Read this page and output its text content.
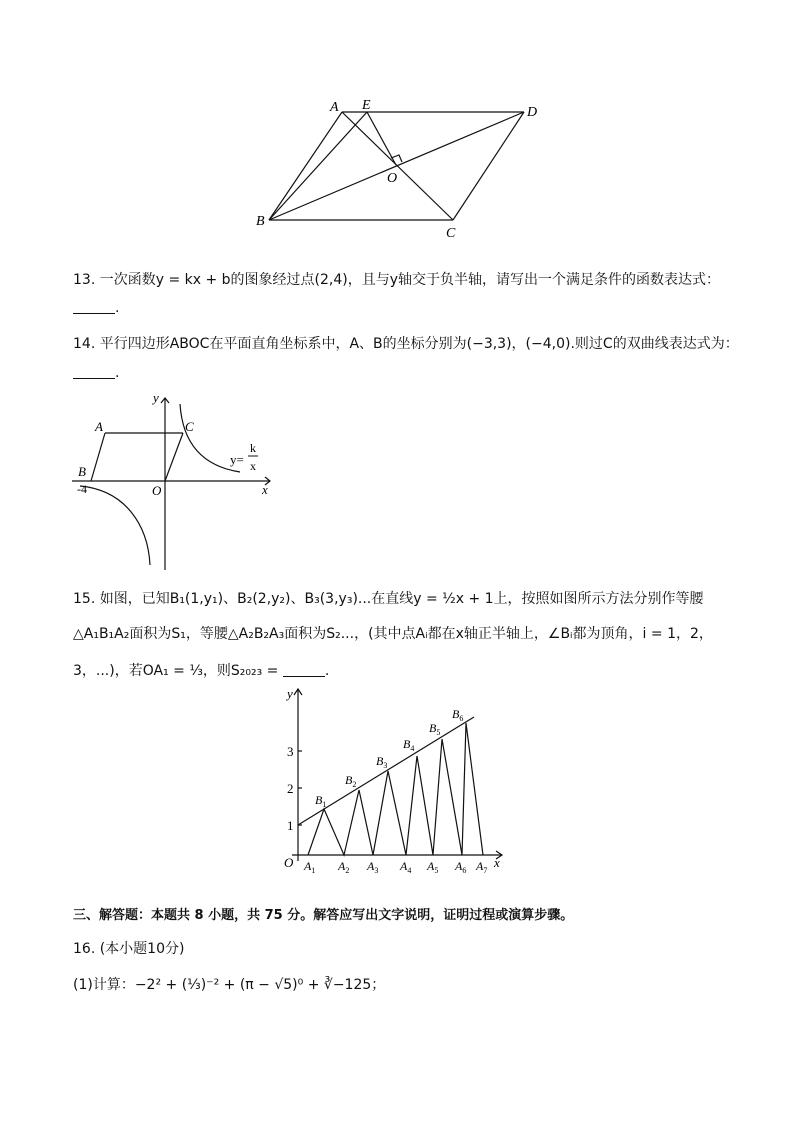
A E	D
O
B
C
13. 一次函数y = kx + b的图象经过点(2,4)，且与y轴交于负半轴，请写出一个满足条件的函数表达式：
.
14. 平行四边形ABOC在平面直角坐标系中，A、B的坐标分别为(−3,3)，(−4,0).则过C的双曲线表达式为：
.
y
x
A	C
B
-4	O
y=
k
x
15. 如图，已知B₁(1,y₁)、B₂(2,y₂)、B₃(3,y₃)...在直线y = ½x + 1上，按照如图所示方法分别作等腰
△A₁B₁A₂面积为S₁，等腰△A₂B₂A₃面积为S₂...，(其中点Aᵢ都在x轴正半轴上，∠Bᵢ都为顶角，i = 1，2，
3，...)，若OA₁ = ⅓，则S₂₀₂₃ =	.
y
x
O
1
2
3
$A_1$ $A_2$ $A_3$ $A_4$ $A_5$ $A_6$ $A_7$
$B_1$
$B_2$
$B_3$
$B_4$
$B_5$
$B_6$
三、解答题：本题共 8 小题，共 75 分。解答应写出文字说明，证明过程或演算步骤。
16. (本小题10分)
(1)计算：−2² + (⅓)⁻² + (π − √5)⁰ + ∛−125；
